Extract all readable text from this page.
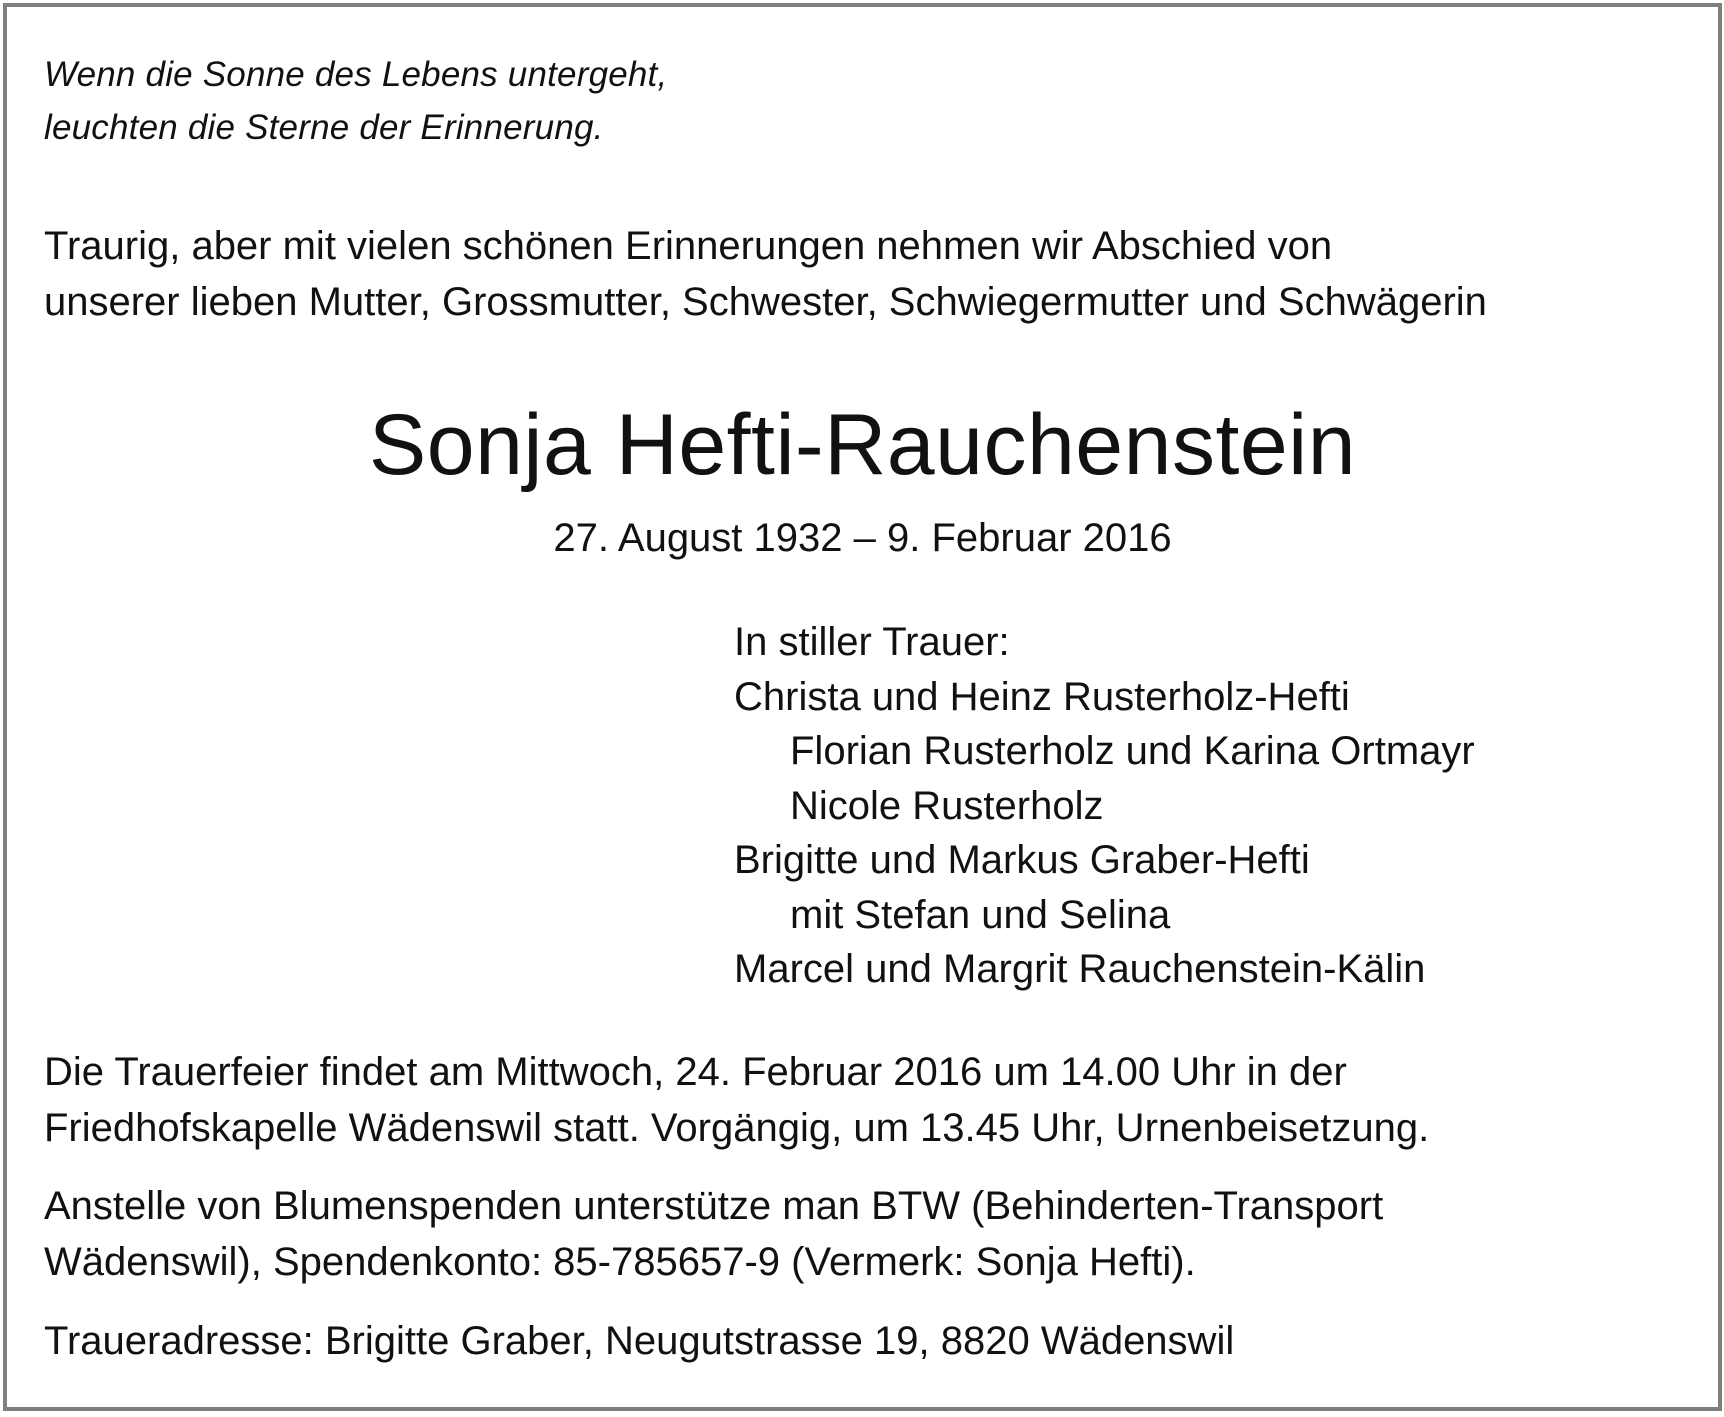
Wenn die Sonne des Lebens untergeht,
leuchten die Sterne der Erinnerung.
Traurig, aber mit vielen schönen Erinnerungen nehmen wir Abschied von
unserer lieben Mutter, Grossmutter, Schwester, Schwiegermutter und Schwägerin
Sonja Hefti-Rauchenstein
27. August 1932 – 9. Februar 2016
In stiller Trauer:
Christa und Heinz Rusterholz-Hefti
Florian Rusterholz und Karina Ortmayr
Nicole Rusterholz
Brigitte und Markus Graber-Hefti
mit Stefan und Selina
Marcel und Margrit Rauchenstein-Kälin
Die Trauerfeier findet am Mittwoch, 24. Februar 2016 um 14.00 Uhr in der
Friedhofskapelle Wädenswil statt. Vorgängig, um 13.45 Uhr, Urnenbeisetzung.
Anstelle von Blumenspenden unterstütze man BTW (Behinderten-Transport
Wädenswil), Spendenkonto: 85-785657-9 (Vermerk: Sonja Hefti).
Traueradresse: Brigitte Graber, Neugutstrasse 19, 8820 Wädenswil
